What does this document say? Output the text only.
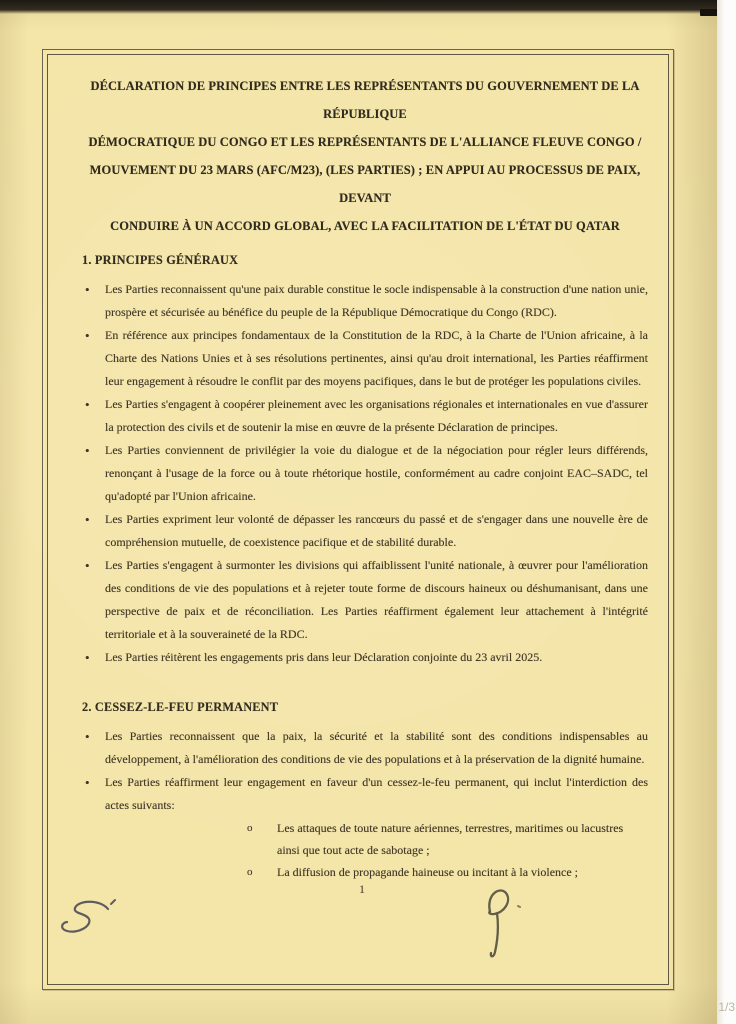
DÉCLARATION DE PRINCIPES ENTRE LES REPRÉSENTANTS DU GOUVERNEMENT DE LA RÉPUBLIQUE
DÉMOCRATIQUE DU CONGO ET LES REPRÉSENTANTS DE L'ALLIANCE FLEUVE CONGO /
MOUVEMENT DU 23 MARS (AFC/M23), (LES PARTIES) ; EN APPUI AU PROCESSUS DE PAIX, DEVANT
CONDUIRE À UN ACCORD GLOBAL, AVEC LA FACILITATION DE L'ÉTAT DU QATAR
1. PRINCIPES GÉNÉRAUX
• Les Parties reconnaissent qu'une paix durable constitue le socle indispensable à la construction d'une nation unie, prospère et sécurisée au bénéfice du peuple de la République Démocratique du Congo (RDC).
• En référence aux principes fondamentaux de la Constitution de la RDC, à la Charte de l'Union africaine, à la Charte des Nations Unies et à ses résolutions pertinentes, ainsi qu'au droit international, les Parties réaffirment leur engagement à résoudre le conflit par des moyens pacifiques, dans le but de protéger les populations civiles.
• Les Parties s'engagent à coopérer pleinement avec les organisations régionales et internationales en vue d'assurer la protection des civils et de soutenir la mise en œuvre de la présente Déclaration de principes.
• Les Parties conviennent de privilégier la voie du dialogue et de la négociation pour régler leurs différends, renonçant à l'usage de la force ou à toute rhétorique hostile, conformément au cadre conjoint EAC–SADC, tel qu'adopté par l'Union africaine.
• Les Parties expriment leur volonté de dépasser les rancœurs du passé et de s'engager dans une nouvelle ère de compréhension mutuelle, de coexistence pacifique et de stabilité durable.
• Les Parties s'engagent à surmonter les divisions qui affaiblissent l'unité nationale, à œuvrer pour l'amélioration des conditions de vie des populations et à rejeter toute forme de discours haineux ou déshumanisant, dans une perspective de paix et de réconciliation. Les Parties réaffirment également leur attachement à l'intégrité territoriale et à la souveraineté de la RDC.
• Les Parties réitèrent les engagements pris dans leur Déclaration conjointe du 23 avril 2025.
2. CESSEZ-LE-FEU PERMANENT
• Les Parties reconnaissent que la paix, la sécurité et la stabilité sont des conditions indispensables au développement, à l'amélioration des conditions de vie des populations et à la préservation de la dignité humaine.
• Les Parties réaffirment leur engagement en faveur d'un cessez-le-feu permanent, qui inclut l'interdiction des actes suivants:
o Les attaques de toute nature aériennes, terrestres, maritimes ou lacustres ainsi que tout acte de sabotage ;
o La diffusion de propagande haineuse ou incitant à la violence ;
1
1/3
